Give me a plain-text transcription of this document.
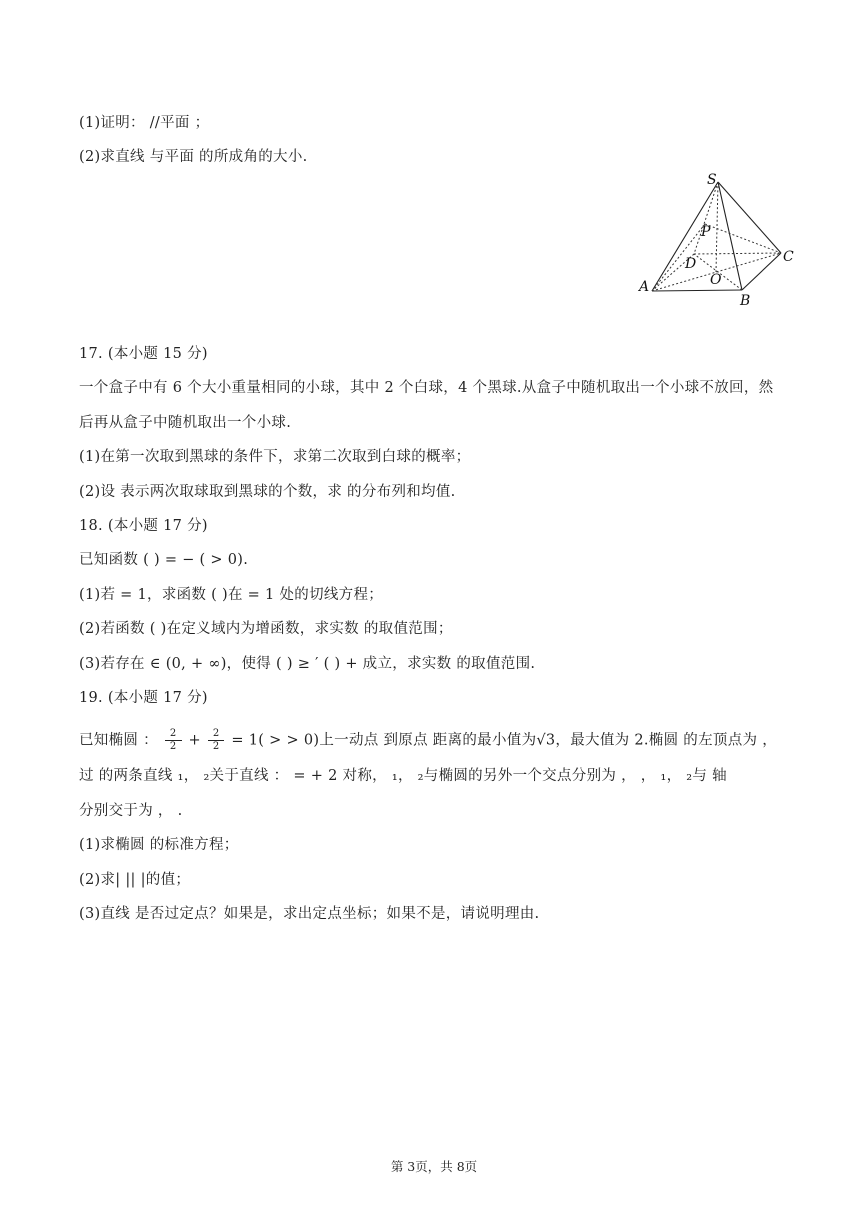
(1)证明： //平面 ；

(2)求直线 与平面 的所成角的大小.

S
P
C
D
O
A
B

17. (本小题 15 分)

一个盒子中有 6 个大小重量相同的小球，其中 2 个白球，4 个黑球.从盒子中随机取出一个小球不放回，然

后再从盒子中随机取出一个小球.

(1)在第一次取到黑球的条件下，求第二次取到白球的概率；

(2)设 表示两次取球取到黑球的个数，求 的分布列和均值.

18. (本小题 17 分)

已知函数 ( ) = − ( > 0).

(1)若 = 1，求函数 ( )在 = 1 处的切线方程；

(2)若函数 ( )在定义域内为增函数，求实数 的取值范围；

(3)若存在 ∈ (0, + ∞)，使得 ( ) ≥ ′ ( ) + 成立，求实数 的取值范围.

19. (本小题 17 分)

已知椭圆 ： $\frac{2}{2} + \frac{2}{2} = 1$( > > 0)上一动点 到原点 距离的最小值为√3，最大值为 2.椭圆 的左顶点为 ，

过 的两条直线 ₁， ₂关于直线 ： = + 2 对称， ₁， ₂与椭圆的另外一个交点分别为 ， ， ₁， ₂与 轴

分别交于为 ， .

(1)求椭圆 的标准方程；

(2)求| || |的值；

(3)直线 是否过定点？如果是，求出定点坐标；如果不是，请说明理由.

第 3页，共 8页
